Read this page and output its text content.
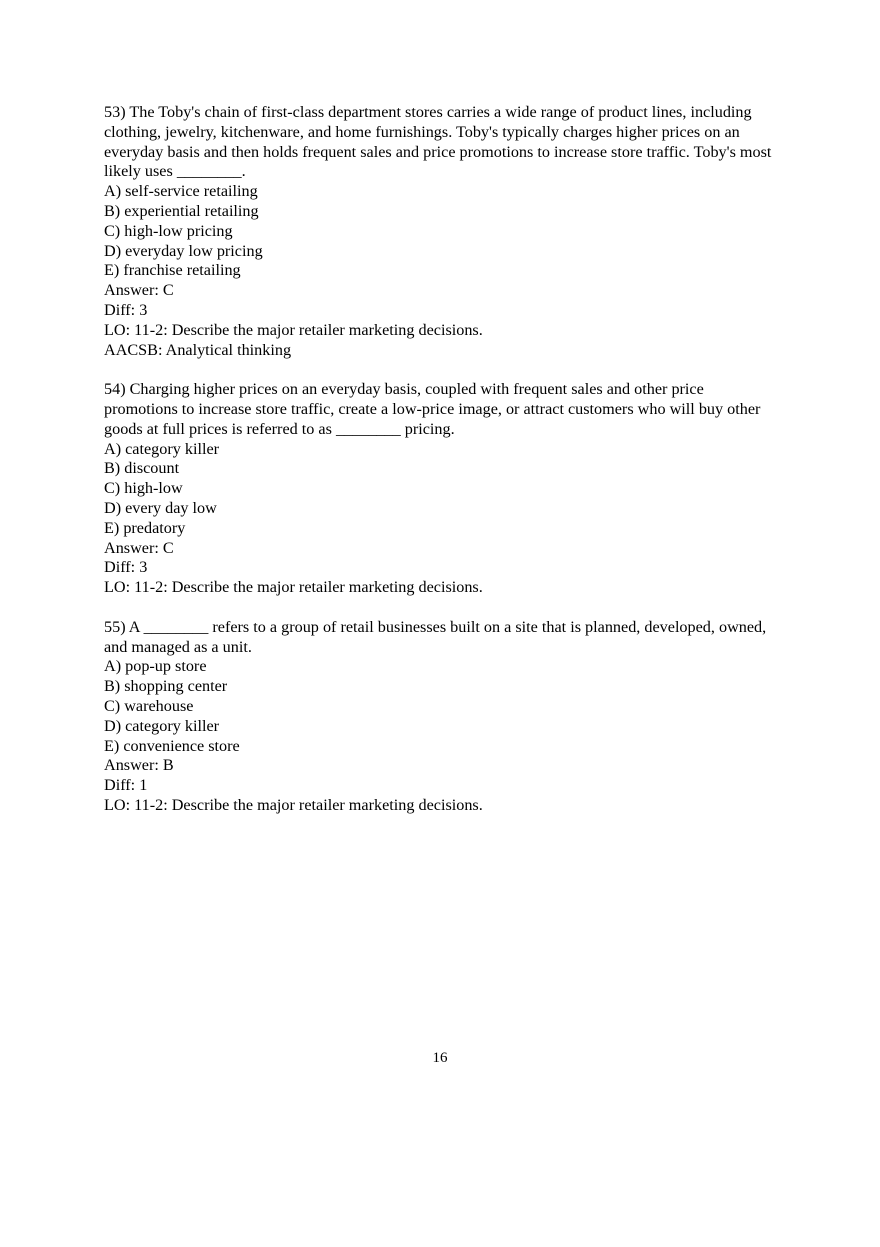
53) The Toby's chain of first-class department stores carries a wide range of product lines, including clothing, jewelry, kitchenware, and home furnishings. Toby's typically charges higher prices on an everyday basis and then holds frequent sales and price promotions to increase store traffic. Toby's most likely uses ________.
A) self-service retailing
B) experiential retailing
C) high-low pricing
D) everyday low pricing
E) franchise retailing
Answer: C
Diff: 3
LO: 11-2: Describe the major retailer marketing decisions.
AACSB: Analytical thinking
54) Charging higher prices on an everyday basis, coupled with frequent sales and other price promotions to increase store traffic, create a low-price image, or attract customers who will buy other goods at full prices is referred to as ________ pricing.
A) category killer
B) discount
C) high-low
D) every day low
E) predatory
Answer: C
Diff: 3
LO: 11-2: Describe the major retailer marketing decisions.
55) A ________ refers to a group of retail businesses built on a site that is planned, developed, owned, and managed as a unit.
A) pop-up store
B) shopping center
C) warehouse
D) category killer
E) convenience store
Answer: B
Diff: 1
LO: 11-2: Describe the major retailer marketing decisions.
16
